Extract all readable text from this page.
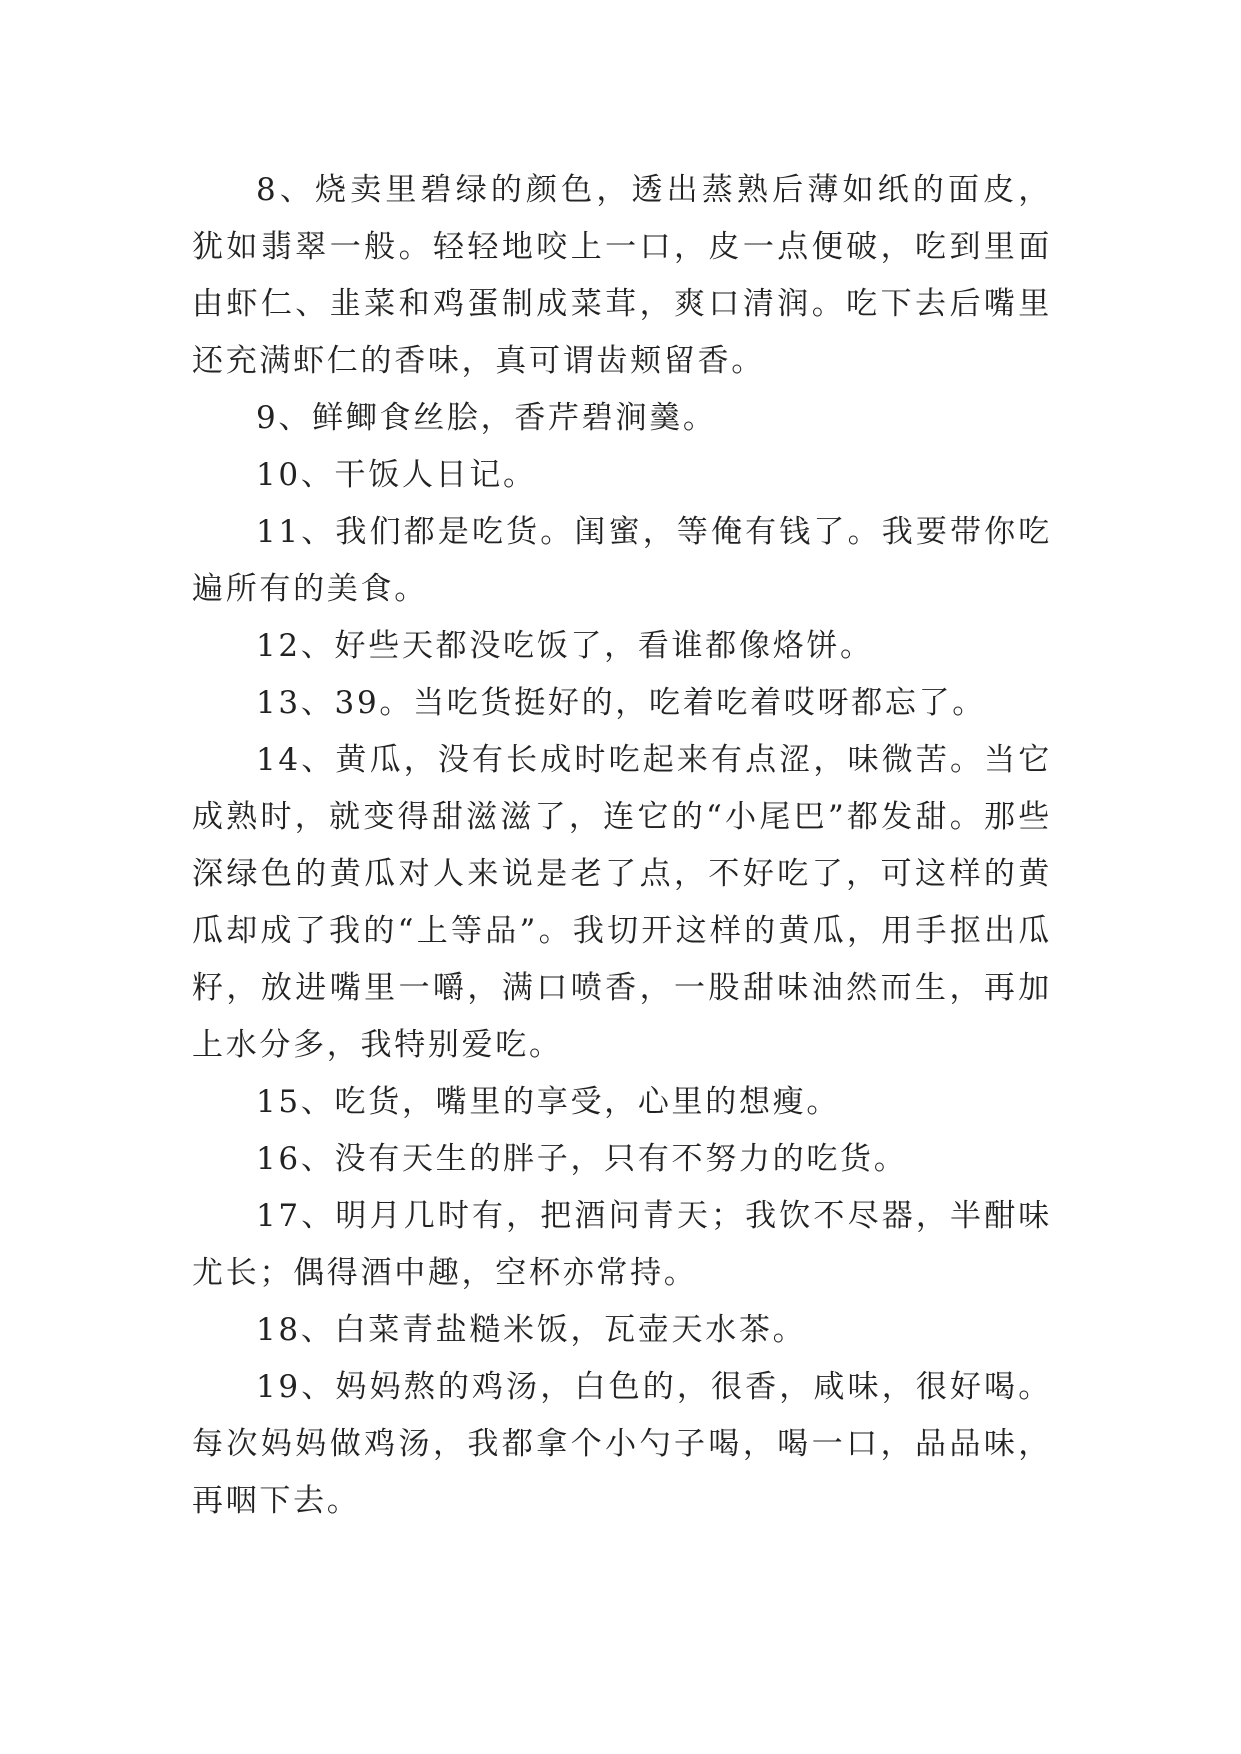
8、烧卖里碧绿的颜色，透出蒸熟后薄如纸的面皮，犹如翡翠一般。轻轻地咬上一口，皮一点便破，吃到里面由虾仁、韭菜和鸡蛋制成菜茸，爽口清润。吃下去后嘴里还充满虾仁的香味，真可谓齿颊留香。

9、鲜鲫食丝脍，香芹碧涧羹。

10、干饭人日记。

11、我们都是吃货。闺蜜，等俺有钱了。我要带你吃遍所有的美食。

12、好些天都没吃饭了，看谁都像烙饼。

13、39。当吃货挺好的，吃着吃着哎呀都忘了。

14、黄瓜，没有长成时吃起来有点涩，味微苦。当它成熟时，就变得甜滋滋了，连它的“小尾巴”都发甜。那些深绿色的黄瓜对人来说是老了点，不好吃了，可这样的黄瓜却成了我的“上等品”。我切开这样的黄瓜，用手抠出瓜籽，放进嘴里一嚼，满口喷香，一股甜味油然而生，再加上水分多，我特别爱吃。

15、吃货，嘴里的享受，心里的想瘦。

16、没有天生的胖子，只有不努力的吃货。

17、明月几时有，把酒问青天；我饮不尽器，半酣味尤长；偶得酒中趣，空杯亦常持。

18、白菜青盐糙米饭，瓦壶天水茶。

19、妈妈熬的鸡汤，白色的，很香，咸味，很好喝。每次妈妈做鸡汤，我都拿个小勺子喝，喝一口，品品味，再咽下去。
